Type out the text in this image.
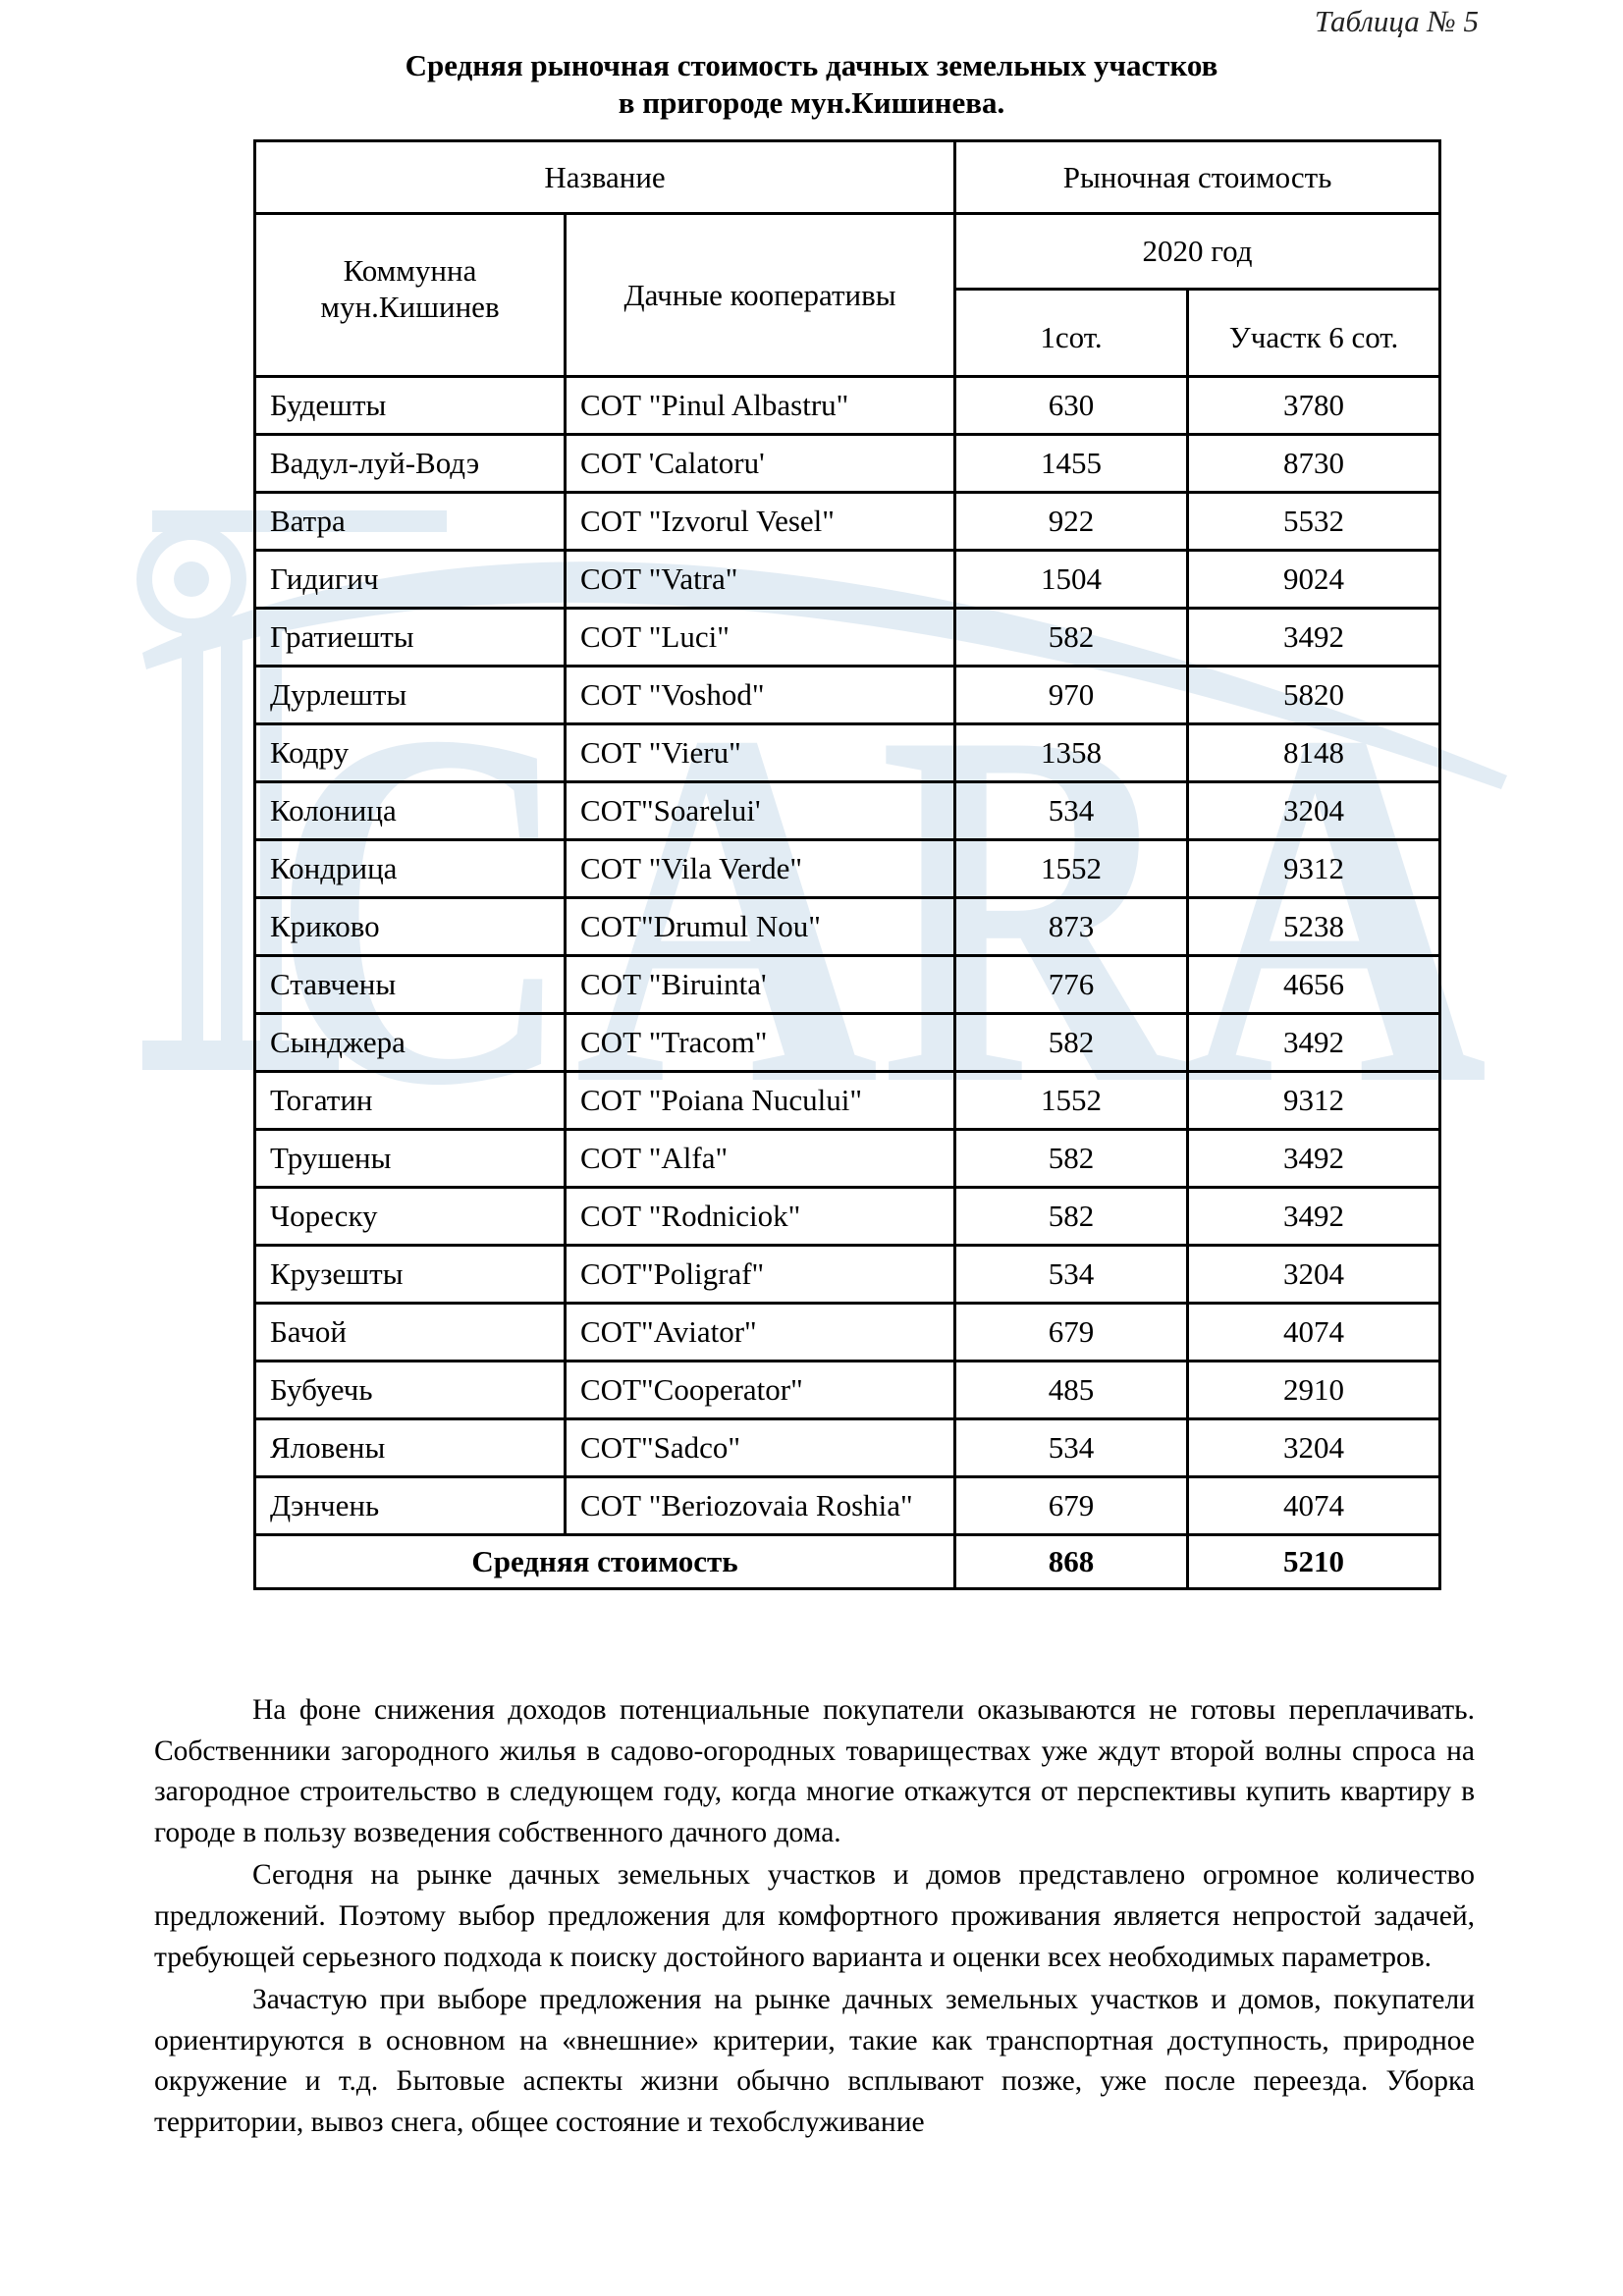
CARA
Таблица № 5
Средняя рыночная стоимость дачных земельных участков
в пригороде мун.Кишинева.
Название		Рыночная стоимость	
Коммунна мун.Кишинев	Дачные кооперативы	2020 год	
		1сот.	Участк 6 сот.
Будешты	СОТ "Pinul Albastru"	630	3780
Вадул-луй-Водэ	СОТ 'Calatoru'	1455	8730
Ватра	СОТ "Izvorul Vesel"	922	5532
Гидигич	СОТ "Vatra"	1504	9024
Гратиешты	СОТ "Luci"	582	3492
Дурлешты	СОТ "Voshod"	970	5820
Кодру	СОТ "Vieru"	1358	8148
Колоница	СОТ"Soarelui'	534	3204
Кондрица	СОТ "Vila Verde"	1552	9312
Криково	СОТ"Drumul Nou"	873	5238
Ставчены	СОТ "Biruinta'	776	4656
Сынджера	СОТ "Tracom"	582	3492
Тогатин	СОТ "Poiana Nucului"	1552	9312
Трушены	СОТ "Alfa"	582	3492
Чореску	СОТ "Rodniciok"	582	3492
Крузешты	СОТ"Poligraf"	534	3204
Бачой	СОТ"Aviator"	679	4074
Бубуечь	СОТ"Cooperator"	485	2910
Яловены	СОТ"Sadco"	534	3204
Дэнчень	СОТ "Beriozovaia Roshia"	679	4074
Средняя стоимость		868	5210

На фоне снижения доходов потенциальные покупатели оказываются не готовы переплачивать. Собственники загородного жилья в садово-огородных товариществах уже ждут второй волны спроса на загородное строительство в следующем году, когда многие откажутся от перспективы купить квартиру в городе в пользу возведения собственного дачного дома.

Сегодня на рынке дачных земельных участков и домов представлено огромное количество предложений. Поэтому выбор предложения для комфортного проживания является непростой задачей, требующей серьезного подхода к поиску достойного варианта и оценки всех необходимых параметров.

Зачастую при выборе предложения на рынке дачных земельных участков и домов, покупатели ориентируются в основном на «внешние» критерии, такие как транспортная доступность, природное окружение и т.д. Бытовые аспекты жизни обычно всплывают позже, уже после переезда. Уборка территории, вывоз снега, общее состояние и техобслуживание
